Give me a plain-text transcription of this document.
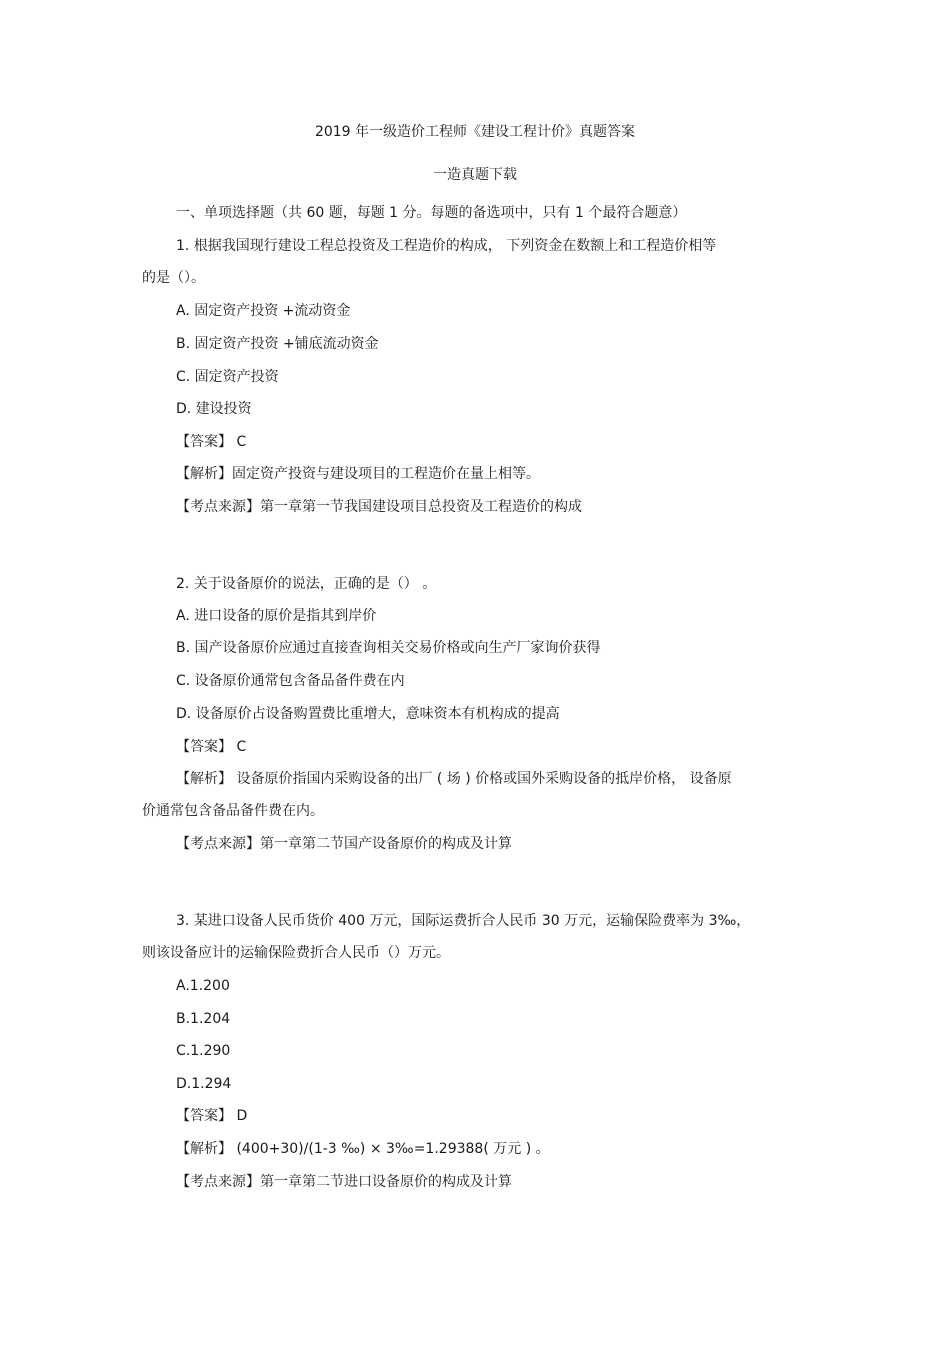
2019 年一级造价工程师《建设工程计价》真题答案
一造真题下载
一、单项选择题（共 60 题，每题 1 分。每题的备选项中，只有 1 个最符合题意）
1. 根据我国现行建设工程总投资及工程造价的构成， 下列资金在数额上和工程造价相等
的是（）。
A. 固定资产投资 +流动资金
B. 固定资产投资 +铺底流动资金
C. 固定资产投资
D. 建设投资
【答案】 C
【解析】固定资产投资与建设项目的工程造价在量上相等。
【考点来源】第一章第一节我国建设项目总投资及工程造价的构成
2. 关于设备原价的说法，正确的是（） 。
A. 进口设备的原价是指其到岸价
B. 国产设备原价应通过直接查询相关交易价格或向生产厂家询价获得
C. 设备原价通常包含备品备件费在内
D. 设备原价占设备购置费比重增大，意味资本有机构成的提高
【答案】 C
【解析】 设备原价指国内采购设备的出厂 ( 场 ) 价格或国外采购设备的抵岸价格， 设备原
价通常包含备品备件费在内。
【考点来源】第一章第二节国产设备原价的构成及计算
3. 某进口设备人民币货价 400 万元，国际运费折合人民币 30 万元，运输保险费率为 3‰，
则该设备应计的运输保险费折合人民币（）万元。
A.1.200
B.1.204
C.1.290
D.1.294
【答案】 D
【解析】 (400+30)/(1-3 ‰) × 3‰=1.29388( 万元 ) 。
【考点来源】第一章第二节进口设备原价的构成及计算
